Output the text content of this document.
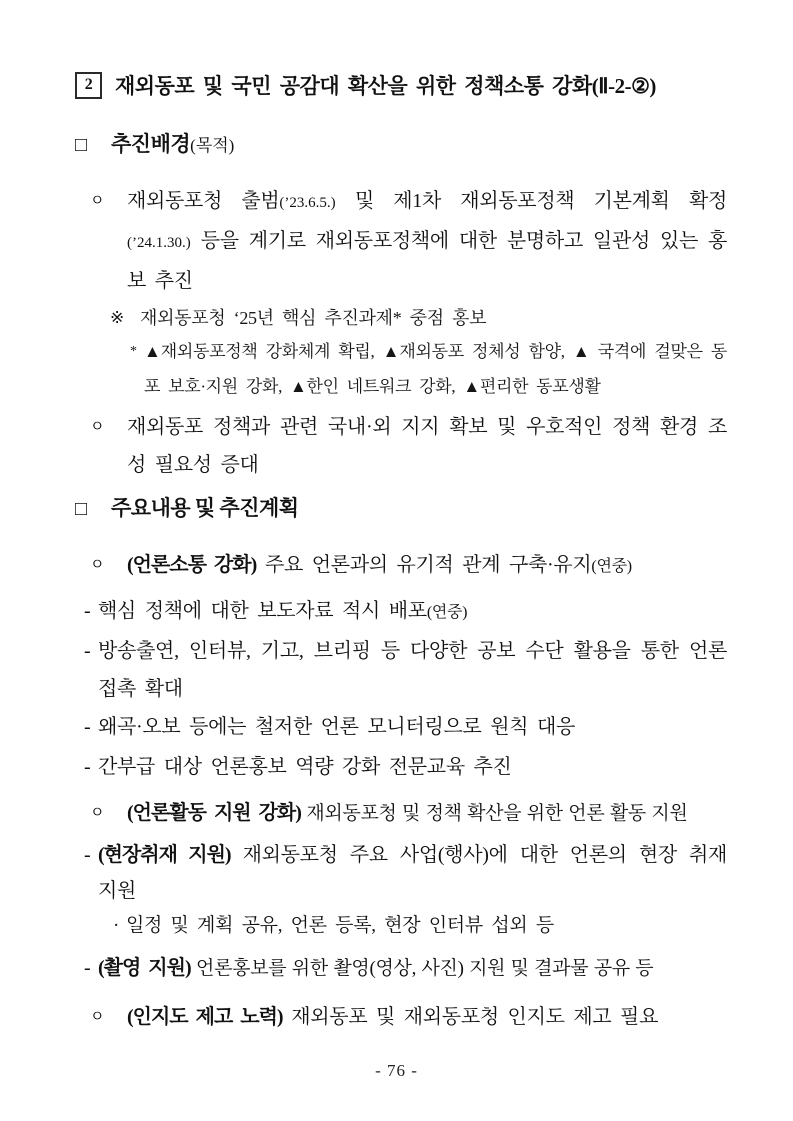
2	재외동포 및 국민 공감대 확산을 위한 정책소통 강화(Ⅱ-2-②)
□	추진배경 (목적)
ㅇ	재외동포청 출범(’23.6.5.) 및 제1차 재외동포정책 기본계획 확정 (’24.1.30.) 등을 계기로 재외동포정책에 대한 분명하고 일관성 있는 홍보 추진

※ 재외동포청 ‘25년 핵심 추진과제* 중점 홍보

* ▲재외동포정책 강화체계 확립, ▲재외동포 정체성 함양, ▲ 국격에 걸맞은 동포 보호·지원 강화, ▲한인 네트워크 강화, ▲편리한 동포생활

ㅇ	재외동포 정책과 관련 국내·외 지지 확보 및 우호적인 정책 환경 조성 필요성 증대

□	주요내용 및 추진계획
ㅇ	(언론소통 강화) 주요 언론과의 유기적 관계 구축·유지(연중)

- 핵심 정책에 대한 보도자료 적시 배포(연중)

- 방송출연, 인터뷰, 기고, 브리핑 등 다양한 공보 수단 활용을 통한 언론 접촉 확대

- 왜곡·오보 등에는 철저한 언론 모니터링으로 원칙 대응

- 간부급 대상 언론홍보 역량 강화 전문교육 추진

ㅇ	(언론활동 지원 강화) 재외동포청 및 정책 확산을 위한 언론 활동 지원

- (현장취재 지원) 재외동포청 주요 사업(행사)에 대한 언론의 현장 취재 지원

· 일정 및 계획 공유, 언론 등록, 현장 인터뷰 섭외 등

- (촬영 지원) 언론홍보를 위한 촬영(영상, 사진) 지원 및 결과물 공유 등

ㅇ	(인지도 제고 노력) 재외동포 및 재외동포청 인지도 제고 필요

- 76 -
